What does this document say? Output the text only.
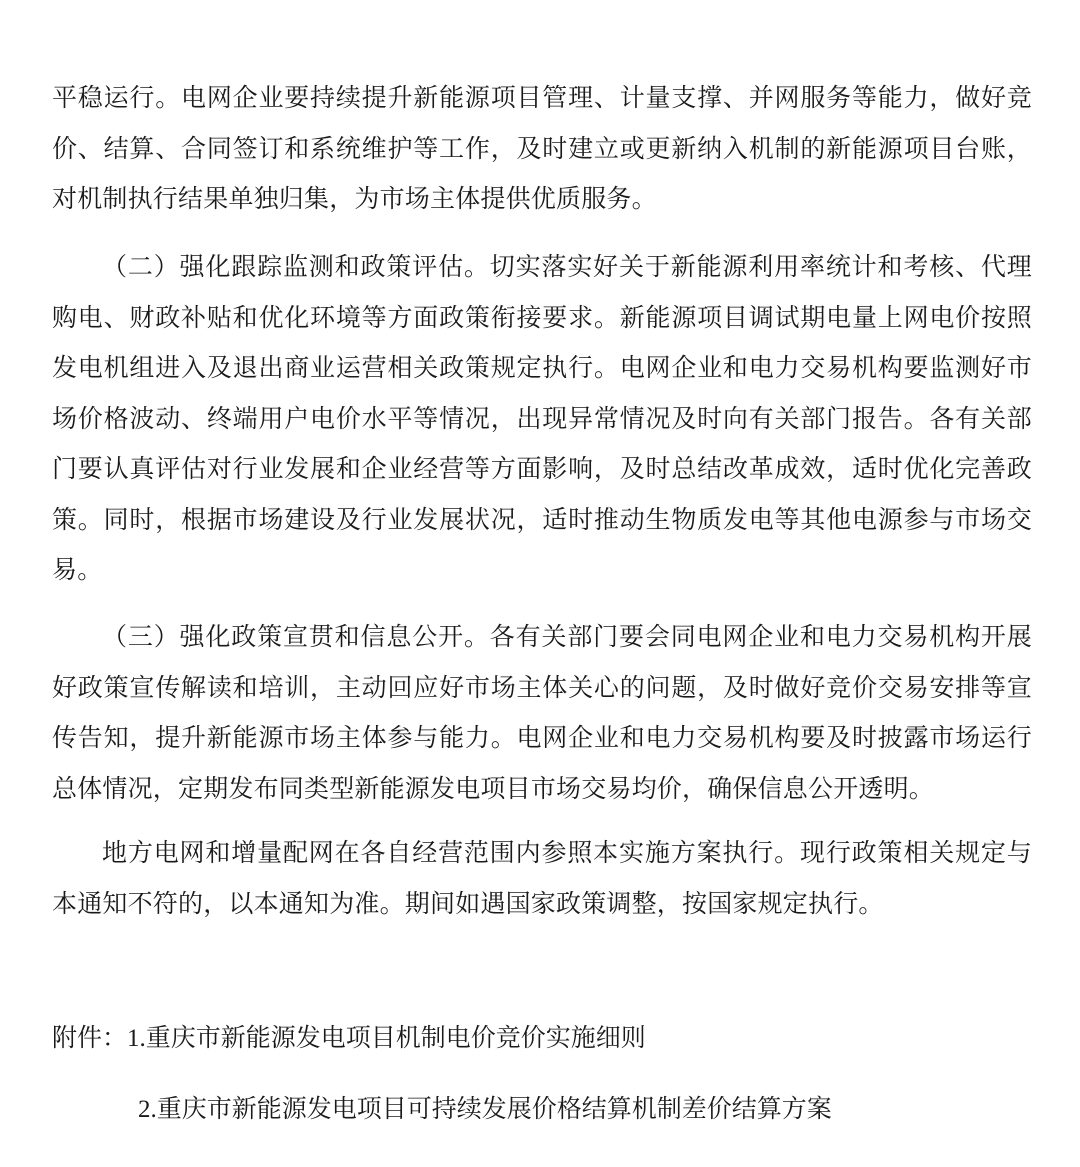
平稳运行。电网企业要持续提升新能源项目管理、计量支撑、并网服务等能力，做好竞价、结算、合同签订和系统维护等工作，及时建立或更新纳入机制的新能源项目台账，对机制执行结果单独归集，为市场主体提供优质服务。

（二）强化跟踪监测和政策评估。切实落实好关于新能源利用率统计和考核、代理购电、财政补贴和优化环境等方面政策衔接要求。新能源项目调试期电量上网电价按照发电机组进入及退出商业运营相关政策规定执行。电网企业和电力交易机构要监测好市场价格波动、终端用户电价水平等情况，出现异常情况及时向有关部门报告。各有关部门要认真评估对行业发展和企业经营等方面影响，及时总结改革成效，适时优化完善政策。同时，根据市场建设及行业发展状况，适时推动生物质发电等其他电源参与市场交易。

（三）强化政策宣贯和信息公开。各有关部门要会同电网企业和电力交易机构开展好政策宣传解读和培训，主动回应好市场主体关心的问题，及时做好竞价交易安排等宣传告知，提升新能源市场主体参与能力。电网企业和电力交易机构要及时披露市场运行总体情况，定期发布同类型新能源发电项目市场交易均价，确保信息公开透明。

地方电网和增量配网在各自经营范围内参照本实施方案执行。现行政策相关规定与本通知不符的，以本通知为准。期间如遇国家政策调整，按国家规定执行。

附件：1.重庆市新能源发电项目机制电价竞价实施细则

2.重庆市新能源发电项目可持续发展价格结算机制差价结算方案
